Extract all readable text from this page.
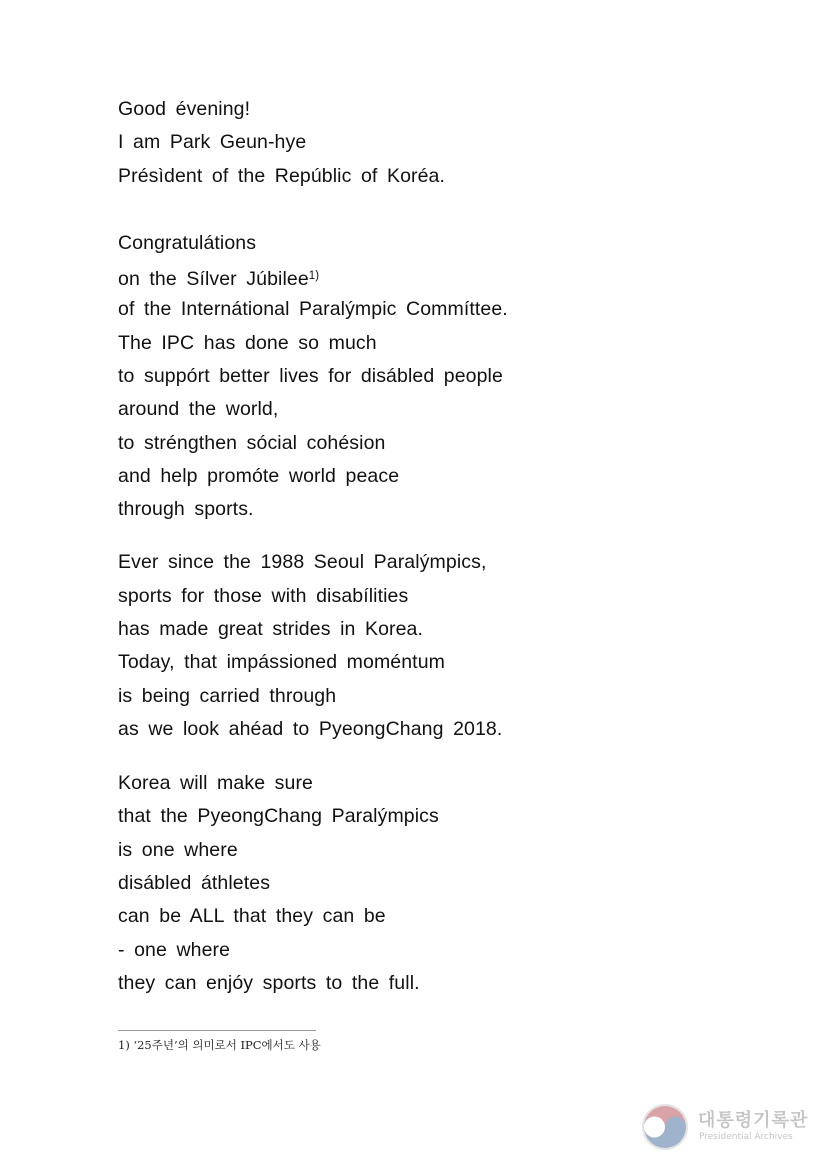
Good évening!
I am Park Geun-hye
Présìdent of the Repúblic of Koréa.
Congratulátions
on the Sílver Júbilee$^{1)}$
of the Internátional Paralýmpic Commíttee.
The IPC has done so much
to suppórt better lives for disábled people
around the world,
to stréngthen sócial cohésion
and help promóte world peace
through sports.
Ever since the 1988 Seoul Paralýmpics,
sports for those with disabílities
has made great strides in Korea.
Today, that impássioned moméntum
is being carried through
as we look ahéad to PyeongChang 2018.
Korea will make sure
that the PyeongChang Paralýmpics
is one where
disábled áthletes
can be ALL that they can be
- one where
they can enjóy sports to the full.
1) ‘25주년’의 의미로서 IPC에서도 사용
대통령기록관
Presidential Archives
